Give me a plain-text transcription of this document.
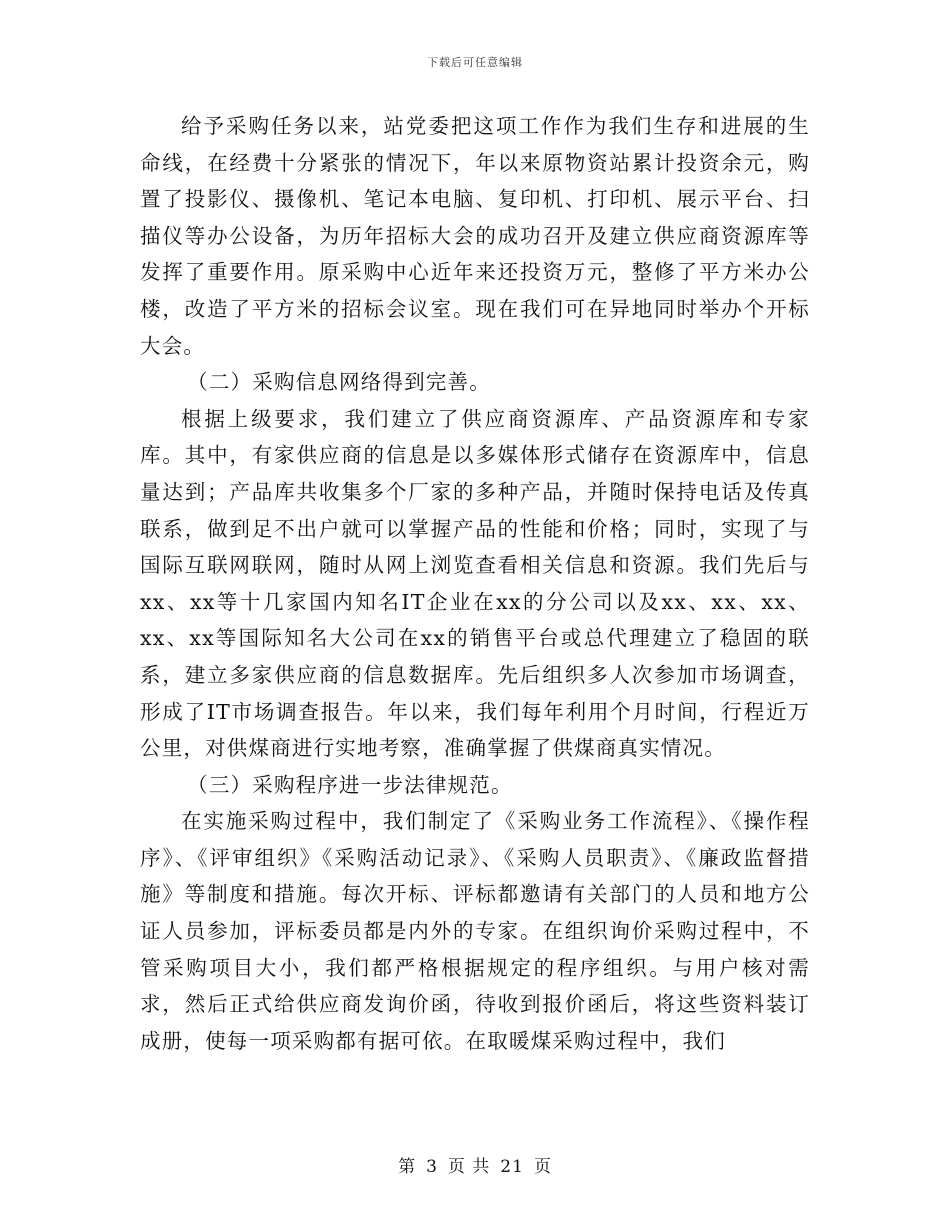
下载后可任意编辑

给予采购任务以来，站党委把这项工作作为我们生存和进展的生命线，在经费十分紧张的情况下，年以来原物资站累计投资余元，购置了投影仪、摄像机、笔记本电脑、复印机、打印机、展示平台、扫描仪等办公设备，为历年招标大会的成功召开及建立供应商资源库等发挥了重要作用。原采购中心近年来还投资万元，整修了平方米办公楼，改造了平方米的招标会议室。现在我们可在异地同时举办个开标大会。

（二）采购信息网络得到完善。

根据上级要求，我们建立了供应商资源库、产品资源库和专家库。其中，有家供应商的信息是以多媒体形式储存在资源库中，信息量达到；产品库共收集多个厂家的多种产品，并随时保持电话及传真联系，做到足不出户就可以掌握产品的性能和价格；同时，实现了与国际互联网联网，随时从网上浏览查看相关信息和资源。我们先后与xx、xx等十几家国内知名IT企业在xx的分公司以及xx、xx、xx、xx、xx等国际知名大公司在xx的销售平台或总代理建立了稳固的联系，建立多家供应商的信息数据库。先后组织多人次参加市场调查，形成了IT市场调查报告。年以来，我们每年利用个月时间，行程近万公里，对供煤商进行实地考察，准确掌握了供煤商真实情况。

（三）采购程序进一步法律规范。

在实施采购过程中，我们制定了《采购业务工作流程》、《操作程序》、《评审组织》《采购活动记录》、《采购人员职责》、《廉政监督措施》等制度和措施。每次开标、评标都邀请有关部门的人员和地方公证人员参加，评标委员都是内外的专家。在组织询价采购过程中，不管采购项目大小，我们都严格根据规定的程序组织。与用户核对需求，然后正式给供应商发询价函，待收到报价函后，将这些资料装订成册，使每一项采购都有据可依。在取暖煤采购过程中，我们

第 3 页 共 21 页
